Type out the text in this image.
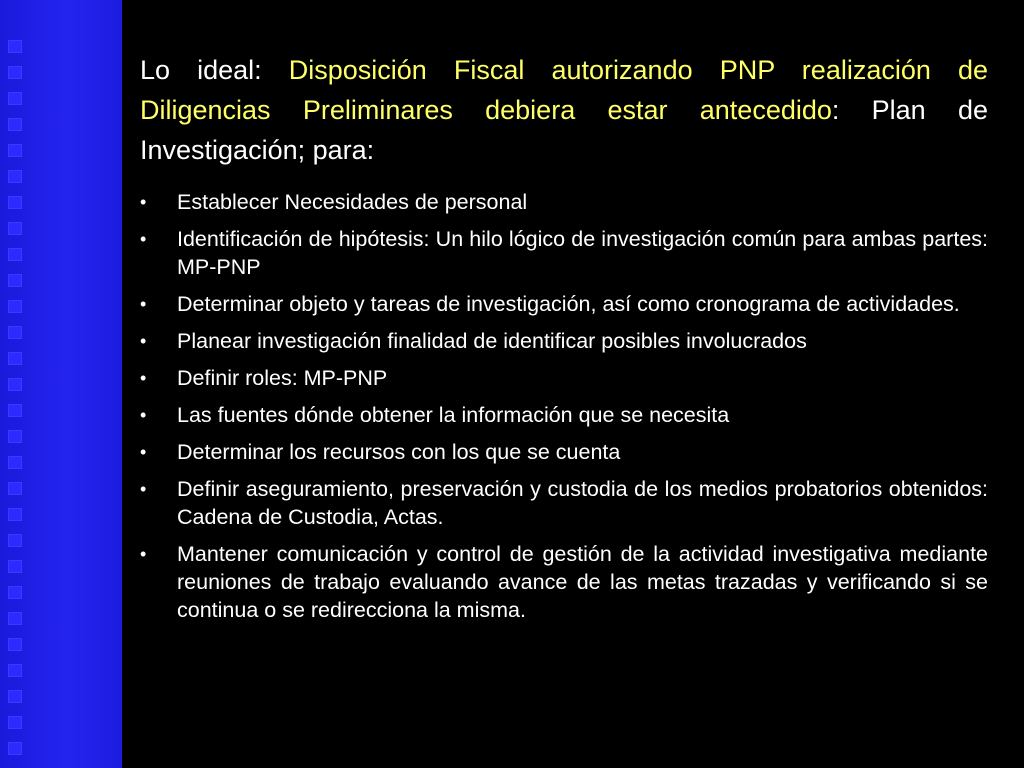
Lo ideal: Disposición Fiscal autorizando PNP realización de Diligencias Preliminares debiera estar antecedido: Plan de Investigación; para:
• Establecer Necesidades de personal
• Identificación de hipótesis: Un hilo lógico de investigación común para ambas partes: MP-PNP
• Determinar objeto y tareas de investigación, así como cronograma de actividades.
• Planear investigación finalidad de identificar posibles involucrados
• Definir roles: MP-PNP
• Las fuentes dónde obtener la información que se necesita
• Determinar los recursos con los que se cuenta
• Definir aseguramiento, preservación y custodia de los medios probatorios obtenidos: Cadena de Custodia, Actas.
• Mantener comunicación y control de gestión de la actividad investigativa mediante reuniones de trabajo evaluando avance de las metas trazadas y verificando si se continua o se redirecciona la misma.
